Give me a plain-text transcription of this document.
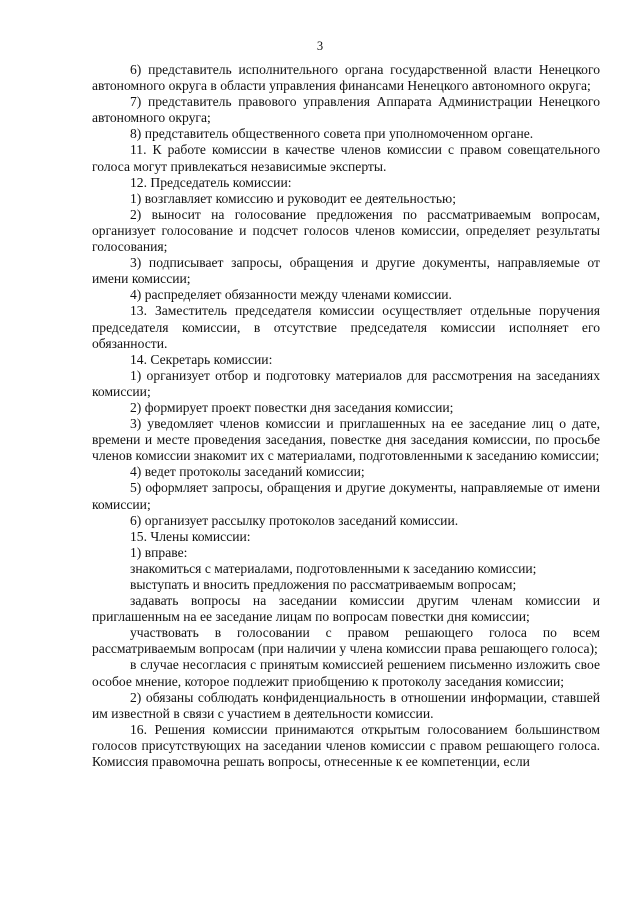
3

6) представитель исполнительного органа государственной власти Ненецкого автономного округа в области управления финансами Ненецкого автономного округа;

7) представитель правового управления Аппарата Администрации Ненецкого автономного округа;

8) представитель общественного совета при уполномоченном органе.

11. К работе комиссии в качестве членов комиссии с правом совещательного голоса могут привлекаться независимые эксперты.

12. Председатель комиссии:

1) возглавляет комиссию и руководит ее деятельностью;

2) выносит на голосование предложения по рассматриваемым вопросам, организует голосование и подсчет голосов членов комиссии, определяет результаты голосования;

3) подписывает запросы, обращения и другие документы, направляемые от имени комиссии;

4) распределяет обязанности между членами комиссии.

13. Заместитель председателя комиссии осуществляет отдельные поручения председателя комиссии, в отсутствие председателя комиссии исполняет его обязанности.

14. Секретарь комиссии:

1) организует отбор и подготовку материалов для рассмотрения на заседаниях комиссии;

2) формирует проект повестки дня заседания комиссии;

3) уведомляет членов комиссии и приглашенных на ее заседание лиц о дате, времени и месте проведения заседания, повестке дня заседания комиссии, по просьбе членов комиссии знакомит их с материалами, подготовленными к заседанию комиссии;

4) ведет протоколы заседаний комиссии;

5) оформляет запросы, обращения и другие документы, направляемые от имени комиссии;

6) организует рассылку протоколов заседаний комиссии.

15. Члены комиссии:

1) вправе:

знакомиться с материалами, подготовленными к заседанию комиссии;

выступать и вносить предложения по рассматриваемым вопросам;

задавать вопросы на заседании комиссии другим членам комиссии и приглашенным на ее заседание лицам по вопросам повестки дня комиссии;

участвовать в голосовании с правом решающего голоса по всем рассматриваемым вопросам (при наличии у члена комиссии права решающего голоса);

в случае несогласия с принятым комиссией решением письменно изложить свое особое мнение, которое подлежит приобщению к протоколу заседания комиссии;

2) обязаны соблюдать конфиденциальность в отношении информации, ставшей им известной в связи с участием в деятельности комиссии.

16. Решения комиссии принимаются открытым голосованием большинством голосов присутствующих на заседании членов комиссии с правом решающего голоса. Комиссия правомочна решать вопросы, отнесенные к ее компетенции, если
